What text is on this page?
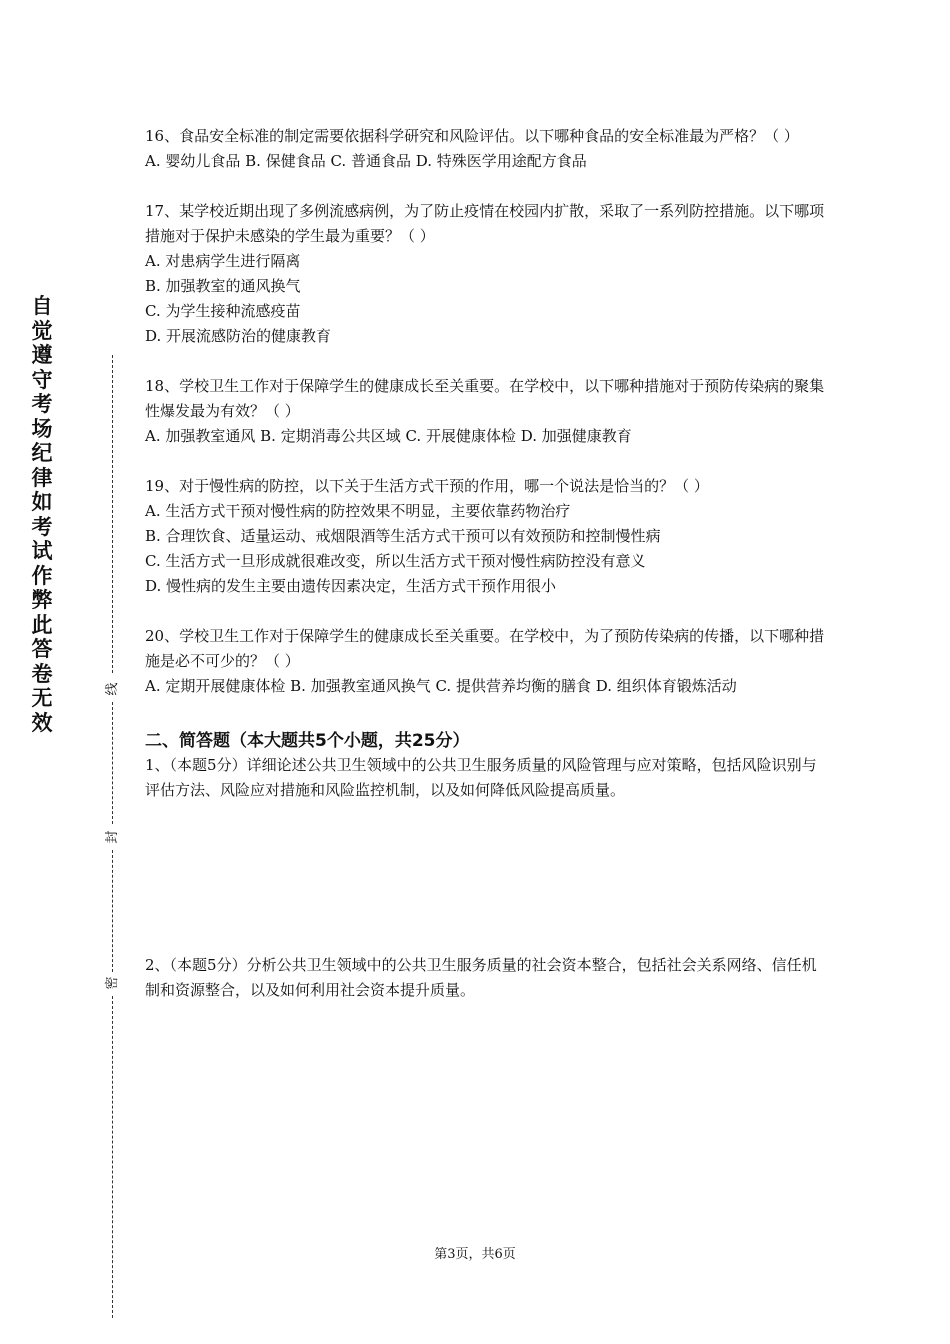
自觉遵守考场纪律如考试作弊此答卷无效
线
封
密

16、食品安全标准的制定需要依据科学研究和风险评估。以下哪种食品的安全标准最为严格？（ ）

A. 婴幼儿食品 B. 保健食品 C. 普通食品 D. 特殊医学用途配方食品

17、某学校近期出现了多例流感病例，为了防止疫情在校园内扩散，采取了一系列防控措施。以下哪项措施对于保护未感染的学生最为重要？（ ）

A. 对患病学生进行隔离

B. 加强教室的通风换气

C. 为学生接种流感疫苗

D. 开展流感防治的健康教育

18、学校卫生工作对于保障学生的健康成长至关重要。在学校中，以下哪种措施对于预防传染病的聚集性爆发最为有效？（ ）

A. 加强教室通风 B. 定期消毒公共区域 C. 开展健康体检 D. 加强健康教育

19、对于慢性病的防控，以下关于生活方式干预的作用，哪一个说法是恰当的？（ ）

A. 生活方式干预对慢性病的防控效果不明显，主要依靠药物治疗

B. 合理饮食、适量运动、戒烟限酒等生活方式干预可以有效预防和控制慢性病

C. 生活方式一旦形成就很难改变，所以生活方式干预对慢性病防控没有意义

D. 慢性病的发生主要由遗传因素决定，生活方式干预作用很小

20、学校卫生工作对于保障学生的健康成长至关重要。在学校中，为了预防传染病的传播，以下哪种措施是必不可少的？（ ）

A. 定期开展健康体检 B. 加强教室通风换气 C. 提供营养均衡的膳食 D. 组织体育锻炼活动

二、简答题（本大题共5个小题，共25分）

1、（本题5分）详细论述公共卫生领域中的公共卫生服务质量的风险管理与应对策略，包括风险识别与评估方法、风险应对措施和风险监控机制，以及如何降低风险提高质量。

2、（本题5分）分析公共卫生领域中的公共卫生服务质量的社会资本整合，包括社会关系网络、信任机制和资源整合，以及如何利用社会资本提升质量。

第3页，共6页
